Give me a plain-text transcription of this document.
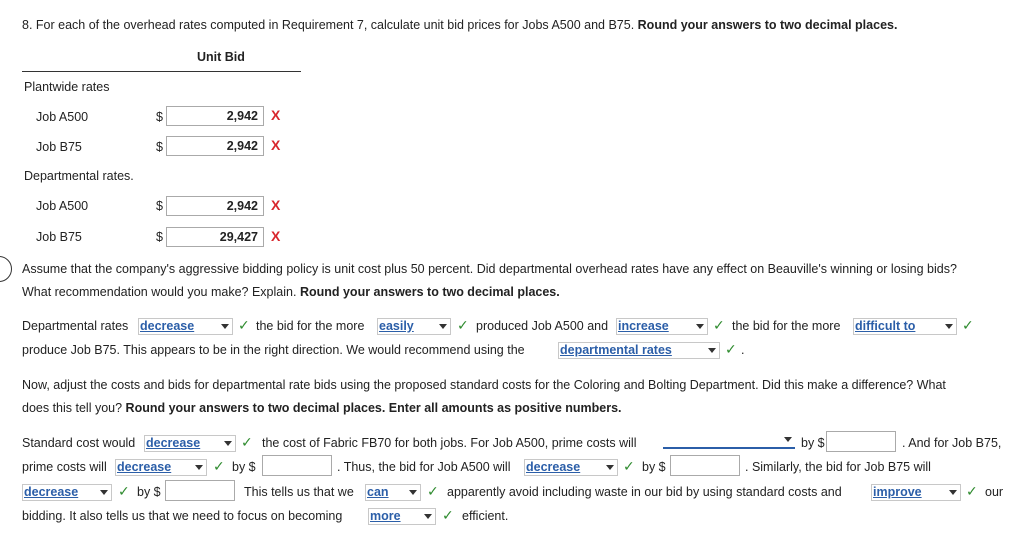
8. For each of the overhead rates computed in Requirement 7, calculate unit bid prices for Jobs A500 and B75. Round your answers to two decimal places.
Unit Bid
Plantwide rates
Job A500	$	2,942 X
Job B75	$	2,942 X
Departmental rates.
Job A500	$	2,942 X
Job B75	$	29,427 X
Assume that the company's aggressive bidding policy is unit cost plus 50 percent. Did departmental overhead rates have any effect on Beauville's winning or losing bids?
What recommendation would you make? Explain. Round your answers to two decimal places.
Departmental rates decrease	✓ the bid for the more easily	✓ produced Job A500 and increase	✓ the bid for the more difficult to	✓
produce Job B75. This appears to be in the right direction. We would recommend using the	departmental rates	✓ .
Now, adjust the costs and bids for departmental rate bids using the proposed standard costs for the Coloring and Bolting Department. Did this make a difference? What
does this tell you? Round your answers to two decimal places. Enter all amounts as positive numbers.
Standard cost would decrease	✓ the cost of Fabric FB70 for both jobs. For Job A500, prime costs will	by $	. And for Job B75,
prime costs will decrease	✓ by $	. Thus, the bid for Job A500 will decrease	✓ by $	. Similarly, the bid for Job B75 will
decrease	✓ by $	This tells us that we can	✓ apparently avoid including waste in our bid by using standard costs and	improve	✓ our
bidding. It also tells us that we need to focus on becoming more	✓ efficient.
